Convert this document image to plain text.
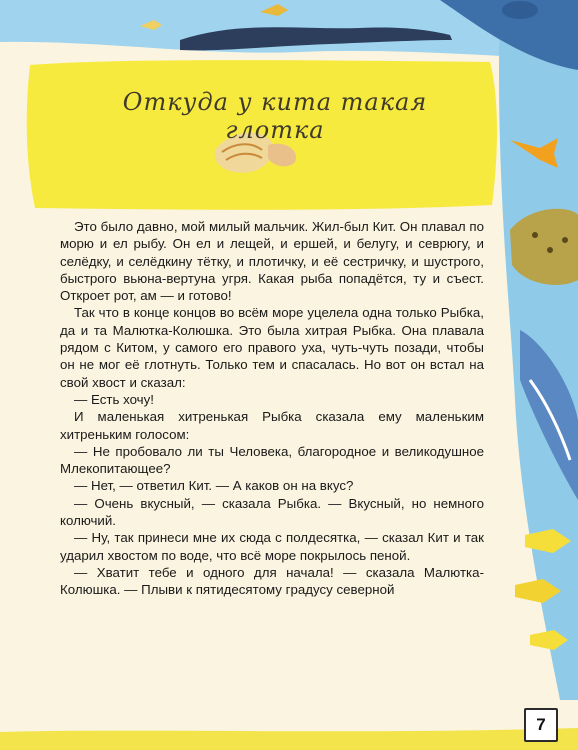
Откуда у кита такая глотка

Это было давно, мой милый мальчик. Жил-был Кит. Он плавал по морю и ел рыбу. Он ел и лещей, и ершей, и белугу, и севрюгу, и селёдку, и селёдкину тётку, и плотичку, и её сестричку, и шустрого, быстрого вьюна-вертуна угря. Какая рыба попадётся, ту и съест. Откроет рот, ам — и готово!

Так что в конце концов во всём море уцелела одна только Рыбка, да и та Малютка-Колюшка. Это была хитрая Рыбка. Она плавала рядом с Китом, у самого его правого уха, чуть-чуть позади, чтобы он не мог её глотнуть. Только тем и спасалась. Но вот он встал на свой хвост и сказал:

— Есть хочу!

И маленькая хитренькая Рыбка сказала ему маленьким хитреньким голосом:

— Не пробовало ли ты Человека, благородное и великодушное Млекопитающее?

— Нет, — ответил Кит. — А каков он на вкус?

— Очень вкусный, — сказала Рыбка. — Вкусный, но немного колючий.

— Ну, так принеси мне их сюда с полдесятка, — сказал Кит и так ударил хвостом по воде, что всё море покрылось пеной.

— Хватит тебе и одного для начала! — сказала Малютка-Колюшка. — Плыви к пятидесятому градусу северной

7
